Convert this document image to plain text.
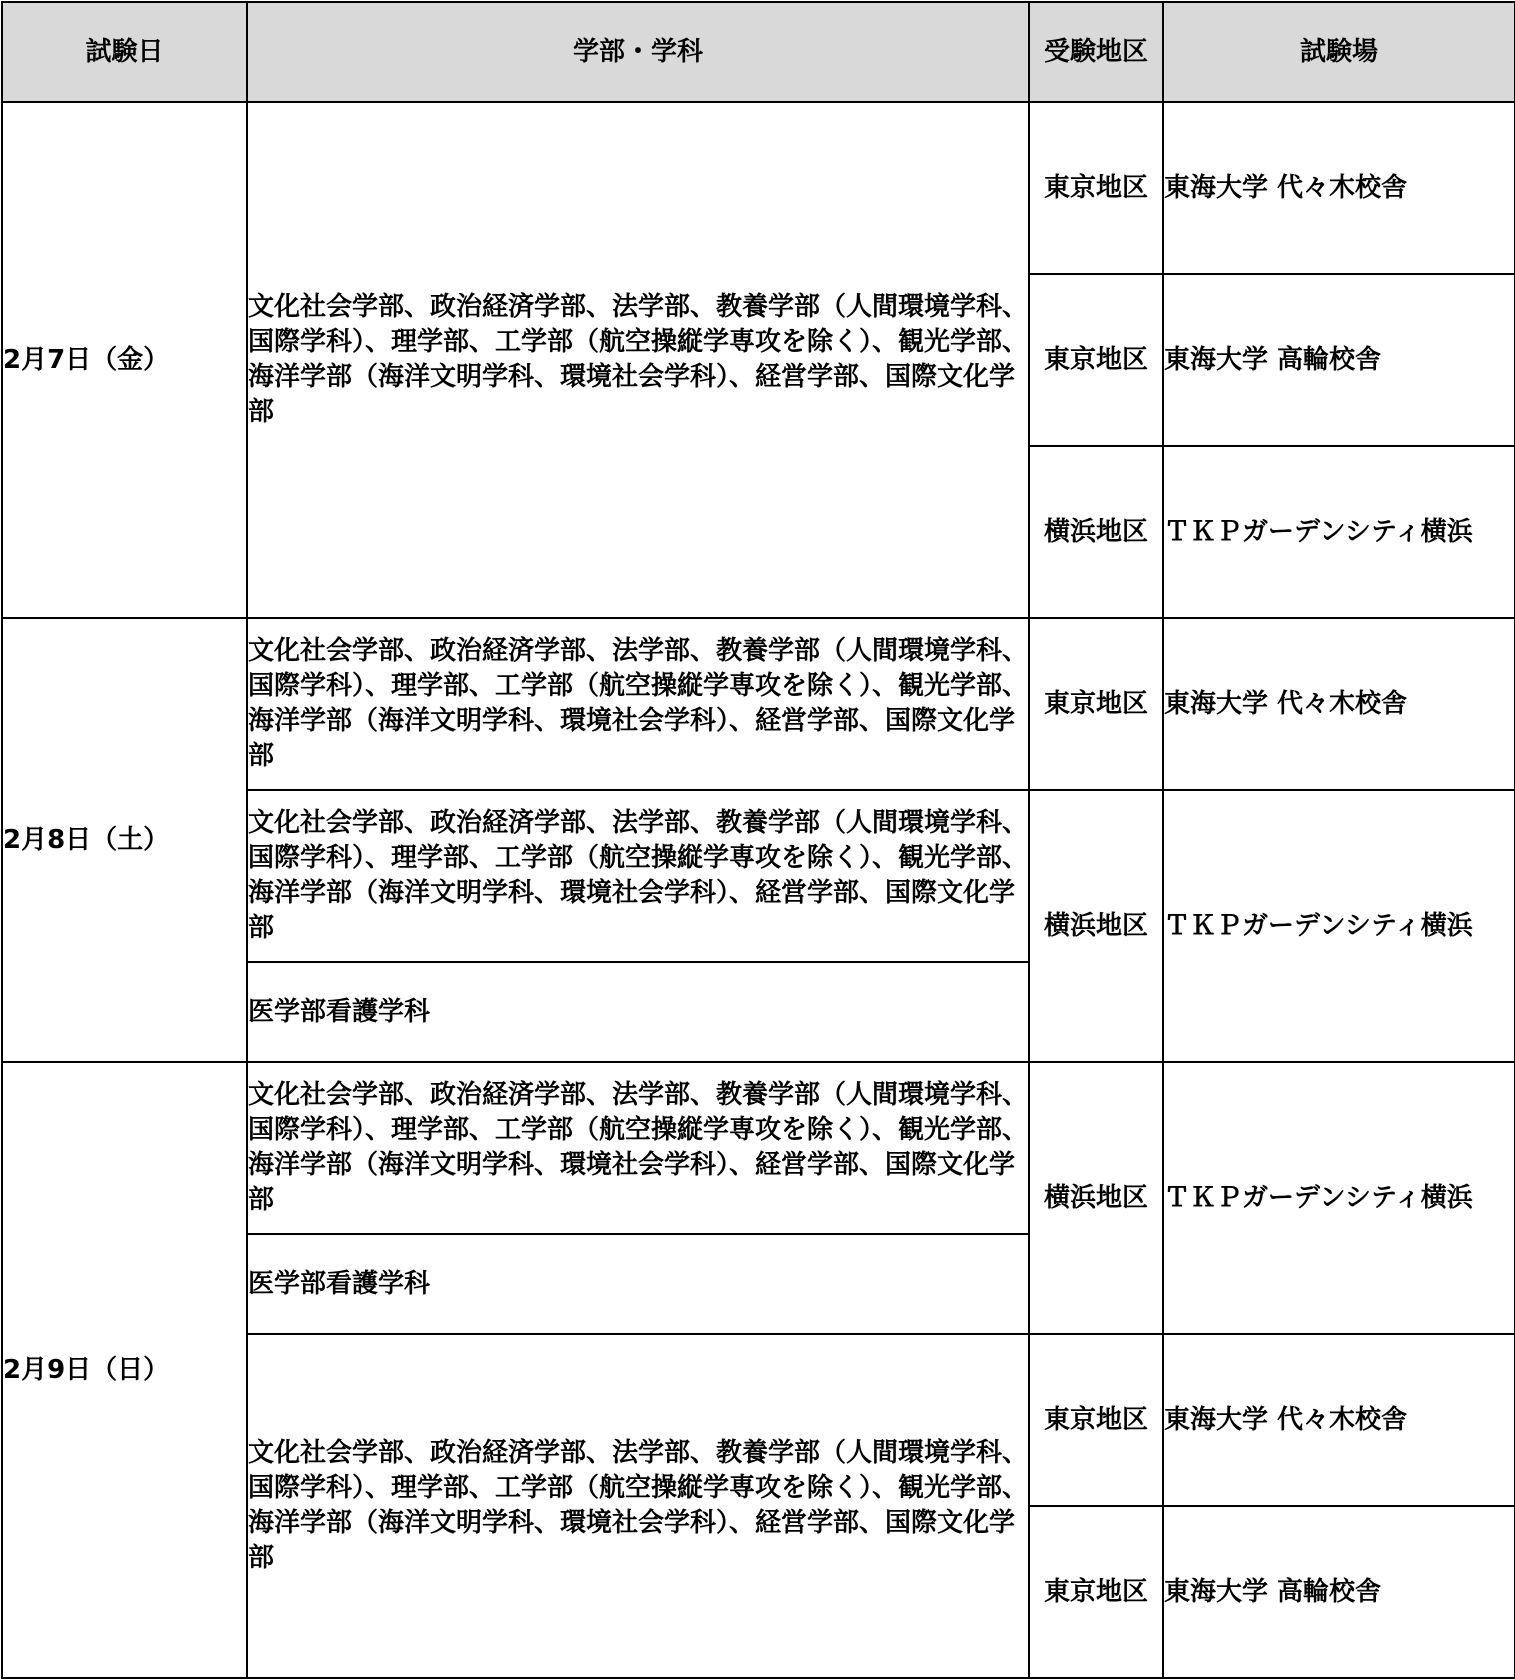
試験日	学部・学科	受験地区	試験場
2月7日（金）	文化社会学部、政治経済学部、法学部、教養学部（人間環境学科、国際学科）、理学部、工学部（航空操縦学専攻を除く）、観光学部、海洋学部（海洋文明学科、環境社会学科）、経営学部、国際文化学部	東京地区	東海大学 代々木校舎
		東京地区	東海大学 高輪校舎
		横浜地区	ＴＫＰガーデンシティ横浜
2月8日（土）	文化社会学部、政治経済学部、法学部、教養学部（人間環境学科、国際学科）、理学部、工学部（航空操縦学専攻を除く）、観光学部、海洋学部（海洋文明学科、環境社会学科）、経営学部、国際文化学部	東京地区	東海大学 代々木校舎
	文化社会学部、政治経済学部、法学部、教養学部（人間環境学科、国際学科）、理学部、工学部（航空操縦学専攻を除く）、観光学部、海洋学部（海洋文明学科、環境社会学科）、経営学部、国際文化学部	横浜地区	ＴＫＰガーデンシティ横浜
	医学部看護学科		
2月9日（日）	文化社会学部、政治経済学部、法学部、教養学部（人間環境学科、国際学科）、理学部、工学部（航空操縦学専攻を除く）、観光学部、海洋学部（海洋文明学科、環境社会学科）、経営学部、国際文化学部	横浜地区	ＴＫＰガーデンシティ横浜
	医学部看護学科		
	文化社会学部、政治経済学部、法学部、教養学部（人間環境学科、国際学科）、理学部、工学部（航空操縦学専攻を除く）、観光学部、海洋学部（海洋文明学科、環境社会学科）、経営学部、国際文化学部	東京地区	東海大学 代々木校舎
		東京地区	東海大学 高輪校舎
